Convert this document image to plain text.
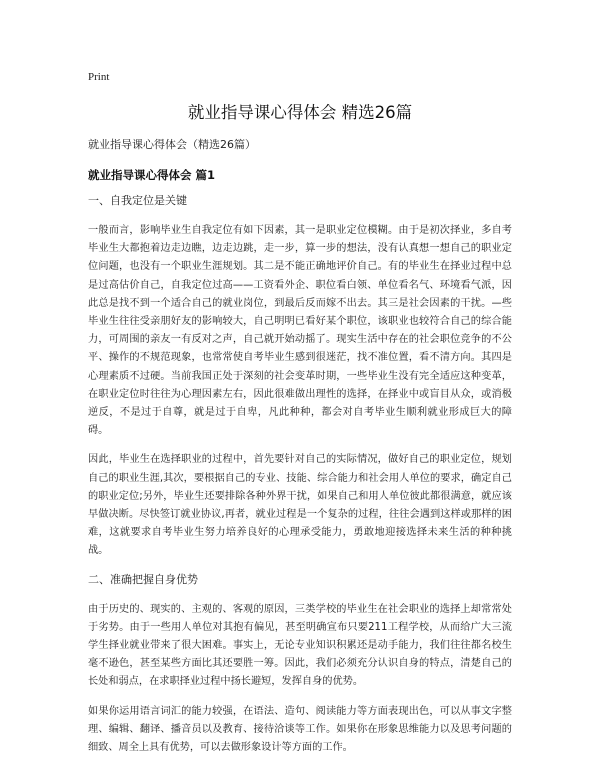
Print
就业指导课心得体会 精选26篇
就业指导课心得体会（精选26篇）
就业指导课心得体会 篇1
一、自我定位是关键

一般而言，影响毕业生自我定位有如下因素，其一是职业定位模糊。由于是初次择业，多自考毕业生大都抱着边走边瞧，边走边跳，走一步，算一步的想法，没有认真想一想自己的职业定位问题，也没有一个职业生涯规划。其二是不能正确地评价自己。有的毕业生在择业过程中总是过高估价自己，自我定位过高——工资看外企、职位看白领、单位看名气、环境看气派，因此总是找不到一个适合自己的就业岗位，到最后反而嫁不出去。其三是社会因素的干扰。—些毕业生往往受亲朋好友的影响较大，自己明明已看好某个职位，该职业也较符合自己的综合能力，可周围的亲友一有反对之声，自己就开始动摇了。现实生活中存在的社会职位竞争的不公平、操作的不规范现象，也常常使自考毕业生感到很迷茫，找不准位置，看不清方向。其四是心理素质不过硬。当前我国正处于深刻的社会变革时期，一些毕业生没有完全适应这种变革，在职业定位时往往为心理因素左右，因此很难做出理性的选择，在择业中或盲目从众，或消极逆反，不是过于自尊，就是过于自卑，凡此种种，都会对自考毕业生顺利就业形成巨大的障碍。

因此，毕业生在选择职业的过程中，首先要针对自己的实际情况，做好自己的职业定位，规划自己的职业生涯,其次，要根据自己的专业、技能、综合能力和社会用人单位的要求，确定自己的职业定位;另外，毕业生还要排除各种外界干扰，如果自己和用人单位彼此都很满意，就应该早做决断。尽快签订就业协议,再者，就业过程是一个复杂的过程，往往会遇到这样或那样的困难，这就要求自考毕业生努力培养良好的心理承受能力，勇敢地迎接选择未来生活的种种挑战。

二、准确把握自身优势

由于历史的、现实的、主观的、客观的原因，三类学校的毕业生在社会职业的选择上却常常处于劣势。由于一些用人单位对其抱有偏见，甚至明确宣布只要211工程学校，从而给广大三流学生择业就业带来了很大困难。事实上，无论专业知识积累还是动手能力，我们往往都名校生毫不逊色，甚至某些方面比其还要胜一筹。因此，我们必须充分认识自身的特点，清楚自己的长处和弱点，在求职择业过程中扬长避短，发挥自身的优势。

如果你运用语言词汇的能力较强，在语法、造句、阅读能力等方面表现出色，可以从事文字整理、编辑、翻译、播音员以及教育、接待洽谈等工作。如果你在形象思维能力以及思考问题的细致、周全上具有优势，可以去做形象设计等方面的工作。
